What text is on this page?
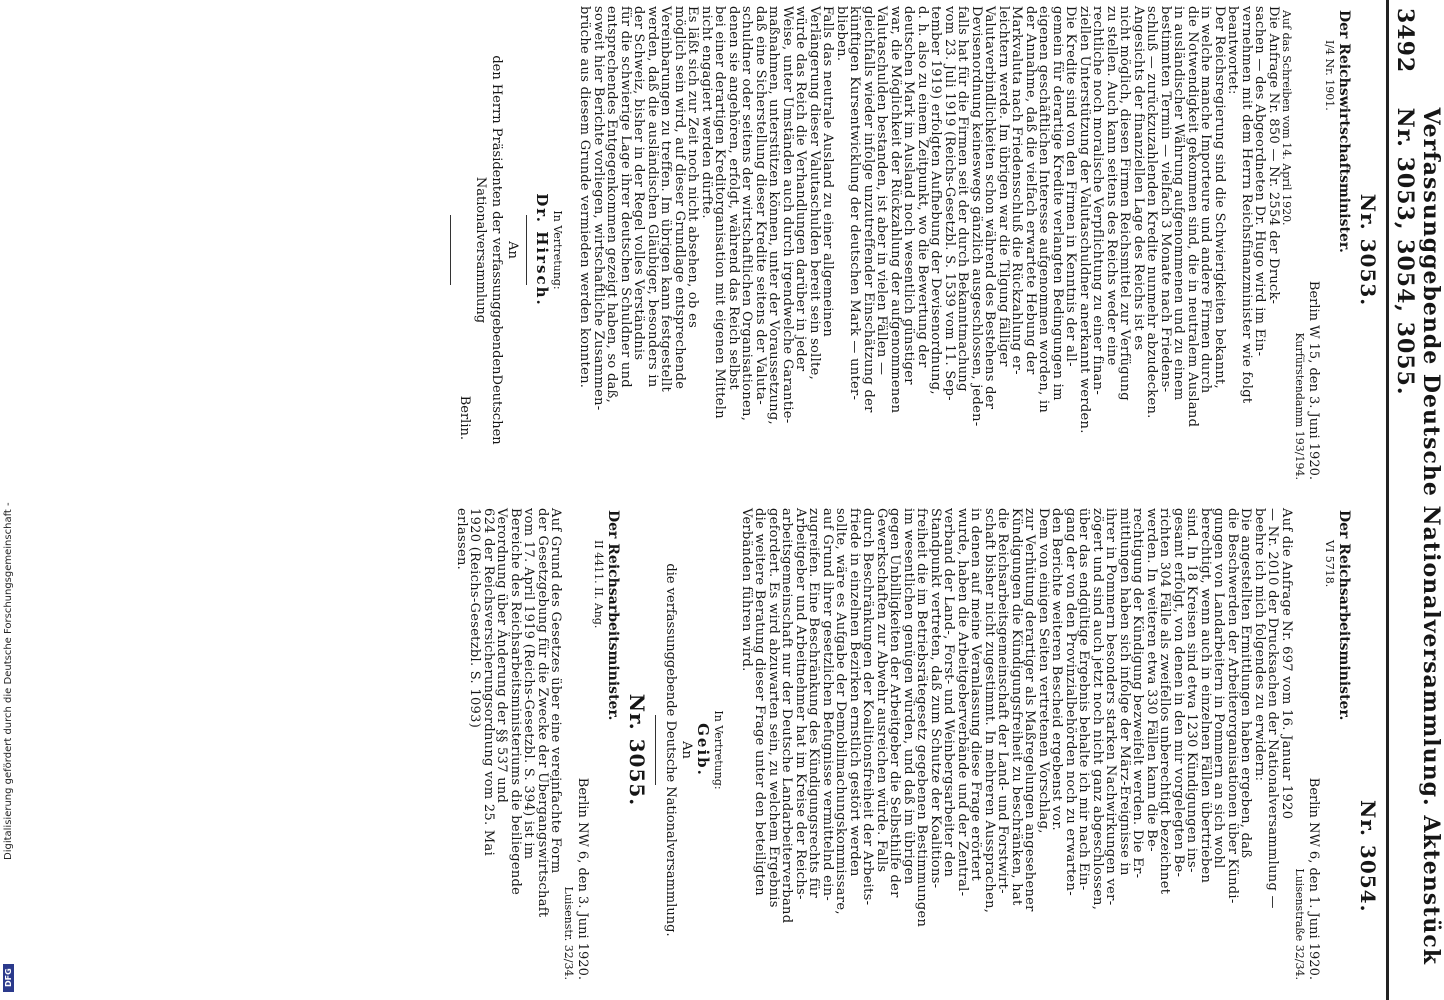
3492
Verfassunggebende Deutsche Nationalversammlung. Aktenstück Nr. 3053, 3054, 3055.
Nr. 3053.
Der Reichswirtschaftsminister.
I/4 Nr. 1901.
Berlin W 15, den 3. Juni 1920.
Kurfürstendamm 193/194.
Auf das Schreiben vom 14. April 1920.
Die Anfrage Nr. 850 — Nr. 2554 der Druck-
sachen — des Abgeordneten Dr. Hugo wird im Ein-
vernehmen mit dem Herrn Reichsfinanzminister wie folgt
beantwortet:
Der Reichsregierung sind die Schwierigkeiten bekannt,
in welche manche Importeure und andere Firmen durch
die Notwendigkeit gekommen sind, die in neutralem Ausland
in ausländischer Währung aufgenommenen und zu einem
bestimmten Termin — vielfach 3 Monate nach Friedens-
schluß — zurückzuzahlenden Kredite nunmehr abzudecken.
Angesichts der finanziellen Lage des Reichs ist es
nicht möglich, diesen Firmen Reichsmittel zur Verfügung
zu stellen. Auch kann seitens des Reichs weder eine
rechtliche noch moralische Verpflichtung zu einer finan-
ziellen Unterstützung der Valutaschuldner anerkannt werden.
Die Kredite sind von den Firmen in Kenntnis der all-
gemein für derartige Kredite verlangten Bedingungen im
eigenen geschäftlichen Interesse aufgenommen worden, in
der Annahme, daß die vielfach erwartete Hebung der
Markvaluta nach Friedensschluß die Rückzahlung er-
leichtern werde. Im übrigen war die Tilgung fälliger
Valutaverbindlichkeiten schon während des Bestehens der
Devisenordnung keineswegs gänzlich ausgeschlossen, jeden-
falls hat für die Firmen seit der durch Bekanntmachung
vom 23. Juli 1919 (Reichs-Gesetzbl. S. 1539 vom 11. Sep-
tember 1919) erfolgten Aufhebung der Devisenordnung,
d. h. also zu einem Zeitpunkt, wo die Bewertung der
deutschen Mark im Ausland noch wesentlich günstiger
war, die Möglichkeit der Rückzahlung der aufgenommenen
Valutaschulden bestanden, ist aber in vielen Fällen —
gleichfalls wieder infolge unzutreffender Einschätzung der
künftigen Kursentwicklung der deutschen Mark — unter-
blieben.
Falls das neutrale Ausland zu einer allgemeinen
Verlängerung dieser Valutaschulden bereit sein sollte,
würde das Reich die Verhandlungen darüber in jeder
Weise, unter Umständen auch durch irgendwelche Garantie-
maßnahmen, unterstützen können, unter der Voraussetzung,
daß eine Sicherstellung dieser Kredite seitens der Valuta-
schuldner oder seitens der wirtschaftlichen Organisationen,
denen sie angehören, erfolgt, während das Reich selbst
bei einer derartigen Kreditorganisation mit eigenen Mitteln
nicht engagiert werden dürfte.
Es läßt sich zur Zeit noch nicht absehen, ob es
möglich sein wird, auf dieser Grundlage entsprechende
Vereinbarungen zu treffen. Im übrigen kann festgestellt
werden, daß die ausländischen Gläubiger, besonders in
der Schweiz, bisher in der Regel volles Verständnis
für die schwierige Lage ihrer deutschen Schuldner und
entsprechendes Entgegenkommen gezeigt haben, so daß,
soweit hier Berichte vorliegen, wirtschaftliche Zusammen-
brüche aus diesem Grunde vermieden werden konnten.
In Vertretung:
Dr. Hirsch.
An
den Herrn Präsidenten der verfassunggebendenDeutschen Nationalversammlung
Berlin.
Nr. 3054.
Der Reichsarbeitsminister.
VI 5718.
Berlin NW 6, den 1. Juni 1920.
Luisenstraße 32/34.
Auf die Anfrage Nr. 697 vom 16. Januar 1920
— Nr. 2010 der Drucksachen der Nationalversammlung —
beehre ich mich folgendes zu erwidern:
Die angestellten Ermittlungen haben ergeben, daß
die Beschwerden der Arbeiterorganisationen über Kündi-
gungen von Landarbeitern in Pommern an sich wohl
berechtigt, wenn auch in einzelnen Fällen übertrieben
sind. In 18 Kreisen sind etwa 1230 Kündigungen ins-
gesamt erfolgt, von denen in den mir vorgelegten Be-
richten 304 Fälle als zweifellos unberechtigt bezeichnet
werden. In weiteren etwa 330 Fällen kann die Be-
rechtigung der Kündigung bezweifelt werden. Die Er-
mittlungen haben sich infolge der März-Ereignisse in
ihrer in Pommern besonders starken Nachwirkungen ver-
zögert und sind auch jetzt noch nicht ganz abgeschlossen,
über das endgültige Ergebnis behalte ich mir nach Ein-
gang der von den Provinzialbehörden noch zu erwarten-
den Berichte weiteren Bescheid ergebenst vor.
Dem von einigen Seiten vertretenen Vorschlag,
zur Verhütung derartiger als Maßregelungen angesehener
Kündigungen die Kündigungsfreiheit zu beschränken, hat
die Reichsarbeitsgemeinschaft der Land- und Forstwirt-
schaft bisher nicht zugestimmt. In mehreren Aussprachen,
in denen auf meine Veranlassung diese Frage erörtert
wurde, haben die Arbeitgeberverbände und der Zentral-
verband der Land-, Forst- und Weinbergsarbeiter den
Standpunkt vertreten, daß zum Schutze der Koalitions-
freiheit die im Betriebsrätegesetz gegebenen Bestimmungen
im wesentlichen genügen würden, und daß im übrigen
gegen Unbilligkeiten der Arbeitgeber die Selbsthilfe der
Gewerkschaften zur Abwehr ausreichen würde. Falls
durch Beschränkungen der Koalitionsfreiheit der Arbeits-
friede in einzelnen Bezirken ernstlich gestört werden
sollte, wäre es Aufgabe der Demobilmachungskommissare,
auf Grund ihrer gesetzlichen Befugnisse vermittelnd ein-
zugreifen. Eine Beschränkung des Kündigungsrechts für
Arbeitgeber und Arbeitnehmer hat im Kreise der Reichs-
arbeitsgemeinschaft nur der Deutsche Landarbeiterverband
gefordert. Es wird abzuwarten sein, zu welchem Ergebnis
die weitere Beratung dieser Frage unter den beteiligten
Verbänden führen wird.
In Vertretung:
Geib.
An
die verfassunggebende Deutsche Nationalversammlung.
Nr. 3055.
Der Reichsarbeitsminister.
II 4411. II. Ang.
Berlin NW 6, den 3. Juni 1920.
Luisenstr. 32/34.
Auf Grund des Gesetzes über eine vereinfachte Form
der Gesetzgebung für die Zwecke der Übergangswirtschaft
vom 17. April 1919 (Reichs-Gesetzbl. S. 394) ist im
Bereiche des Reichsarbeitsministeriums die beiliegende
Verordnung über Änderung der §§ 537 und
624 der Reichsversicherungsordnung vom 25. Mai
1920 (Reichs-Gesetzbl. S. 1093)
erlassen.
Digitalisierung gefördert durch die Deutsche Forschungsgemeinschaft -
DFG
